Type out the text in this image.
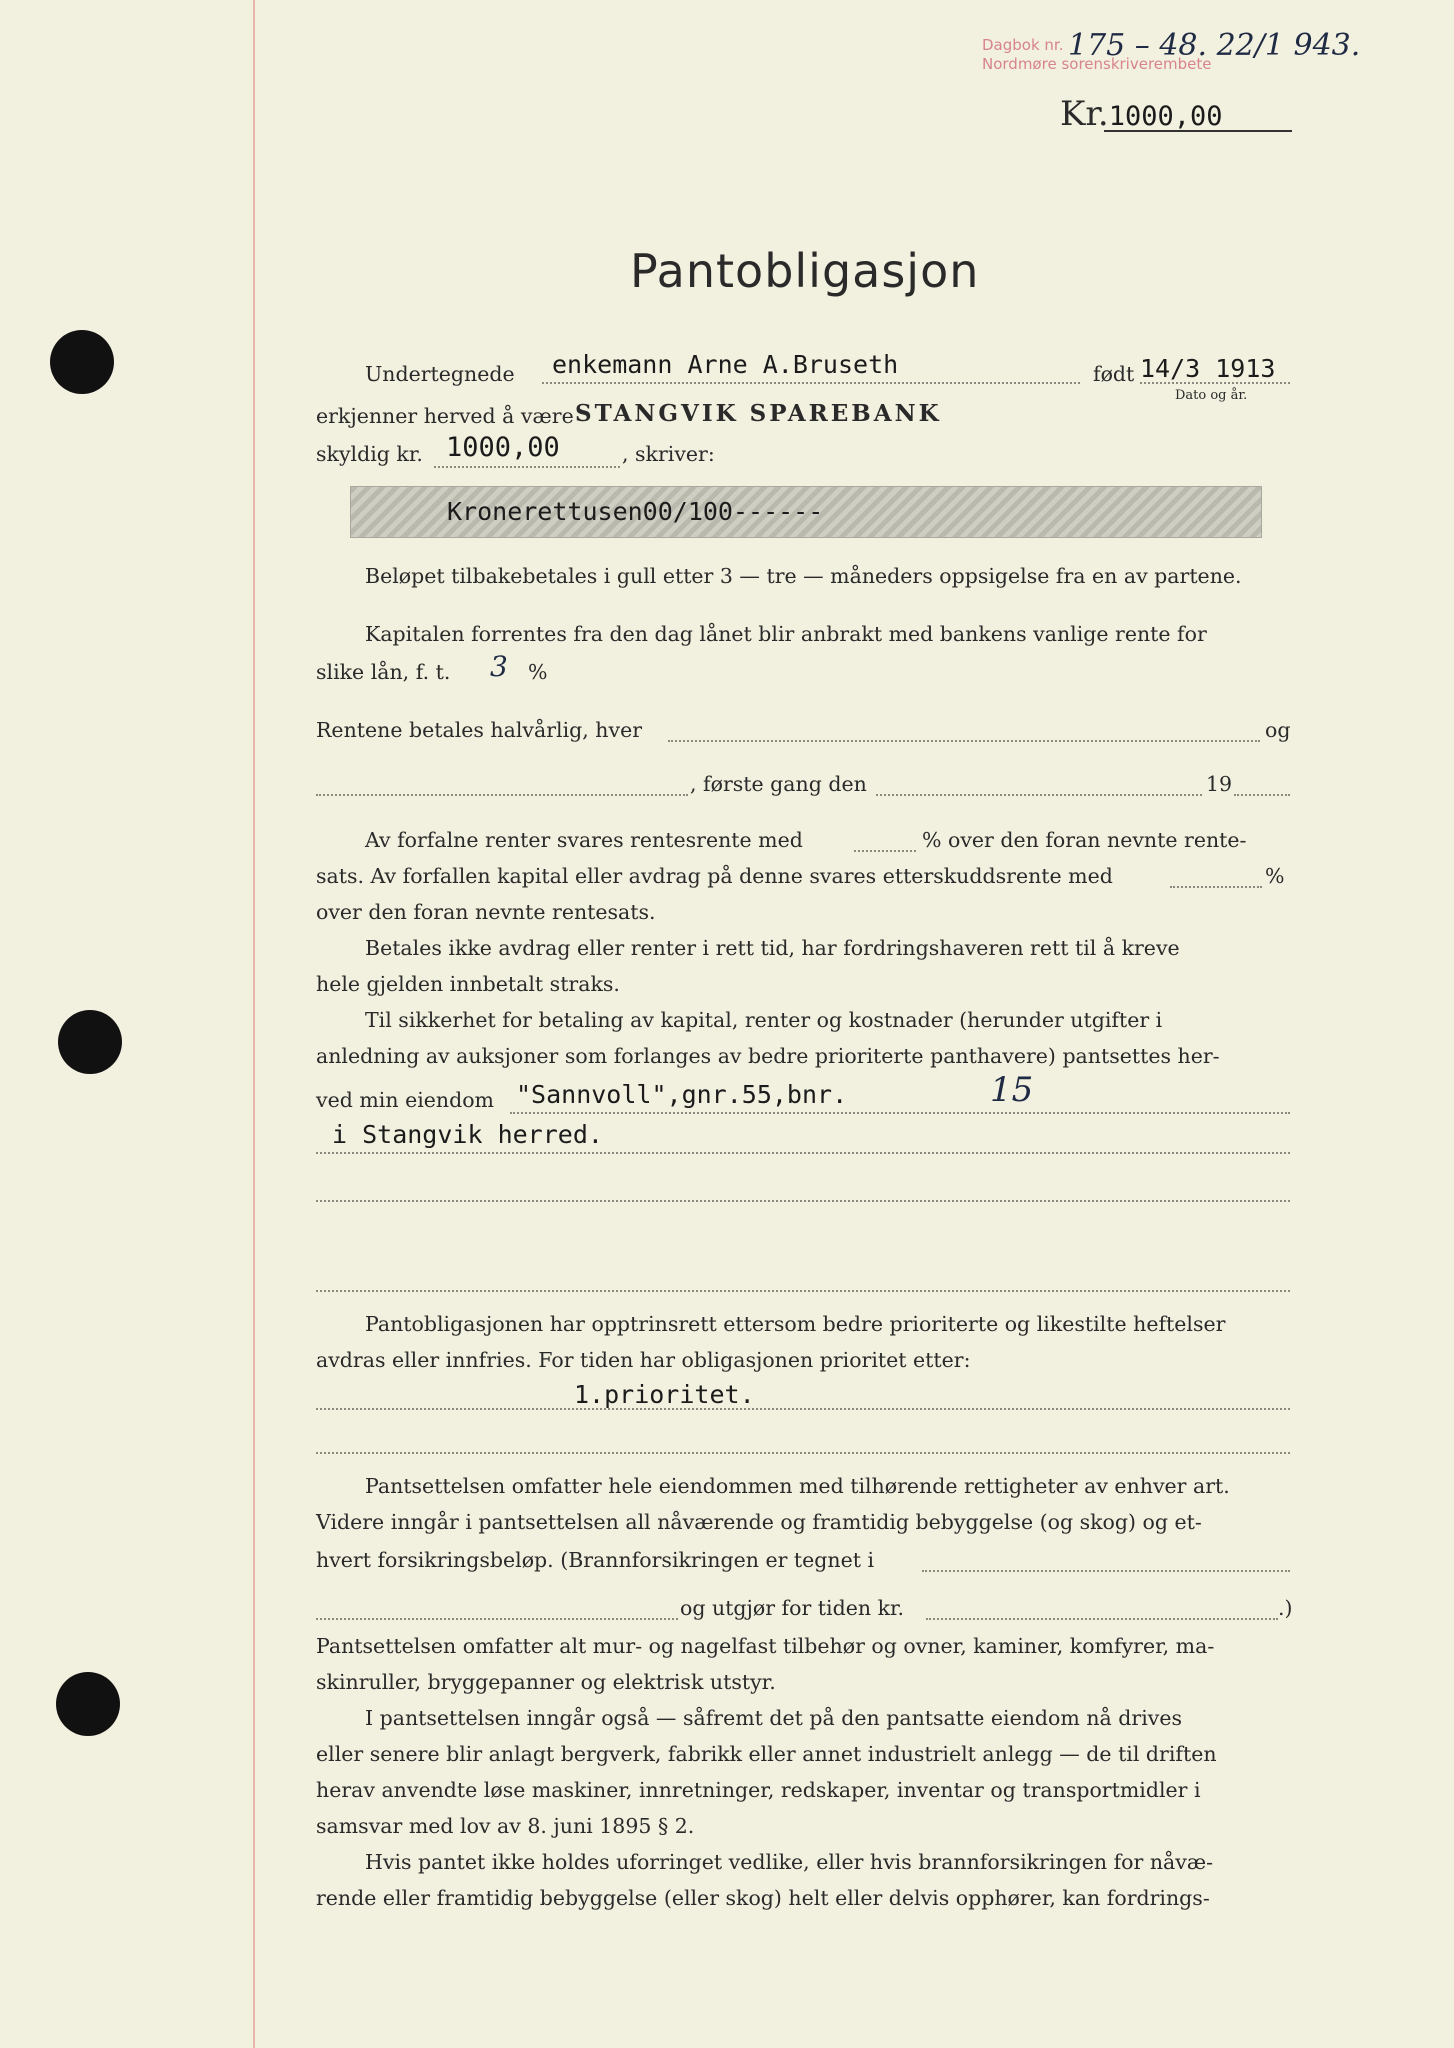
Dagbok nr.
Nordmøre sorenskriverembete
175 – 48. 22/1 943.
Kr.1000,00
Pantobligasjon
Undertegnede enkemann Arne A.Bruseth	født 14/3 1913
Dato og år.
erkjenner herved å være STANGVIK SPAREBANK
skyldig kr. 1000,00	, skriver:
Kronerettusen00/100------
Beløpet tilbakebetales i gull etter 3 — tre — måneders oppsigelse fra en av partene.
Kapitalen forrentes fra den dag lånet blir anbrakt med bankens vanlige rente for
slike lån, f. t. 3 %
Rentene betales halvårlig, hver	og
, første gang den	19
Av forfalne renter svares rentesrente med	% over den foran nevnte rente-
sats. Av forfallen kapital eller avdrag på denne svares etterskuddsrente med	%
over den foran nevnte rentesats.
Betales ikke avdrag eller renter i rett tid, har fordringshaveren rett til å kreve
hele gjelden innbetalt straks.
Til sikkerhet for betaling av kapital, renter og kostnader (herunder utgifter i
anledning av auksjoner som forlanges av bedre prioriterte panthavere) pantsettes her-
ved min eiendom "Sannvoll",gnr.55,bnr.	15
i Stangvik herred.
Pantobligasjonen har opptrinsrett ettersom bedre prioriterte og likestilte heftelser
avdras eller innfries. For tiden har obligasjonen prioritet etter:
1.prioritet.
Pantsettelsen omfatter hele eiendommen med tilhørende rettigheter av enhver art.
Videre inngår i pantsettelsen all nåværende og framtidig bebyggelse (og skog) og et-
hvert forsikringsbeløp. (Brannforsikringen er tegnet i
og utgjør for tiden kr.	.)
Pantsettelsen omfatter alt mur- og nagelfast tilbehør og ovner, kaminer, komfyrer, ma-
skinruller, bryggepanner og elektrisk utstyr.
I pantsettelsen inngår også — såfremt det på den pantsatte eiendom nå drives
eller senere blir anlagt bergverk, fabrikk eller annet industrielt anlegg — de til driften
herav anvendte løse maskiner, innretninger, redskaper, inventar og transportmidler i
samsvar med lov av 8. juni 1895 § 2.
Hvis pantet ikke holdes uforringet vedlike, eller hvis brannforsikringen for nåvæ-
rende eller framtidig bebyggelse (eller skog) helt eller delvis opphører, kan fordrings-
